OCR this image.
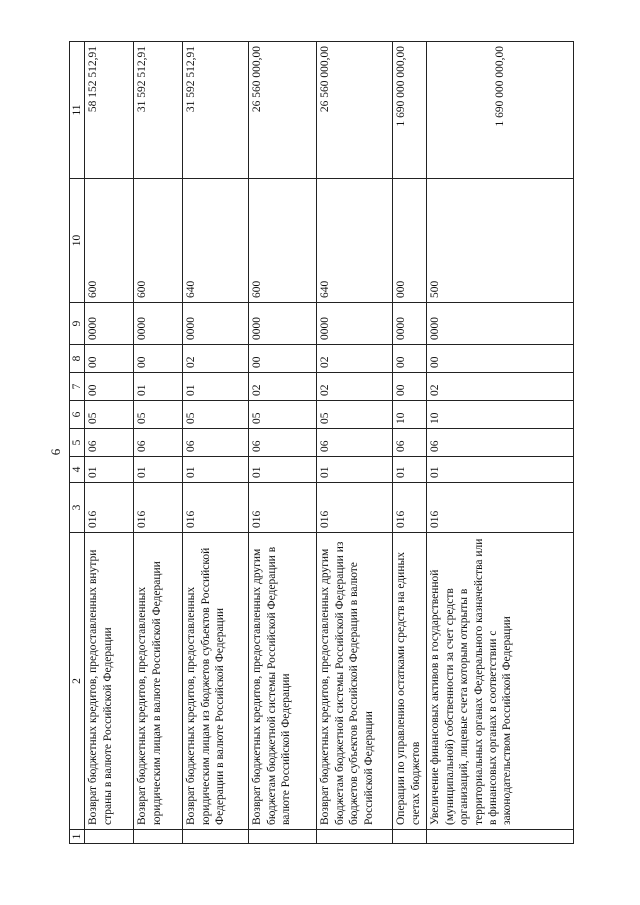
6
1	2	3	4	5	6	7	8	9	10	11
	Возврат бюджетных кредитов, предоставленных внутри страны в валюте Российской Федерации	016	01	06	05	00	00	0000	600	58 152 512,91
	Возврат бюджетных кредитов, предоставленных юридическим лицам в валюте Российской Федерации	016	01	06	05	01	00	0000	600	31 592 512,91
	Возврат бюджетных кредитов, предоставленных юридическим лицам из бюджетов субъектов Российской Федерации в валюте Российской Федерации	016	01	06	05	01	02	0000	640	31 592 512,91
	Возврат бюджетных кредитов, предоставленных другим бюджетам бюджетной системы Российской Федерации в валюте Российской Федерации	016	01	06	05	02	00	0000	600	26 560 000,00
	Возврат бюджетных кредитов, предоставленных другим бюджетам бюджетной системы Российской Федерации из бюджетов субъектов Российской Федерации в валюте Российской Федерации	016	01	06	05	02	02	0000	640	26 560 000,00
	Операции по управлению остатками средств на единых счетах бюджетов	016	01	06	10	00	00	0000	000	1 690 000 000,00
	Увеличение финансовых активов в государственной (муниципальной) собственности за счет средств организаций, лицевые счета которым открыты в территориальных органах Федерального казначейства или в финансовых органах в соответствии с законодательством Российской Федерации	016	01	06	10	02	00	0000	500	1 690 000 000,00
